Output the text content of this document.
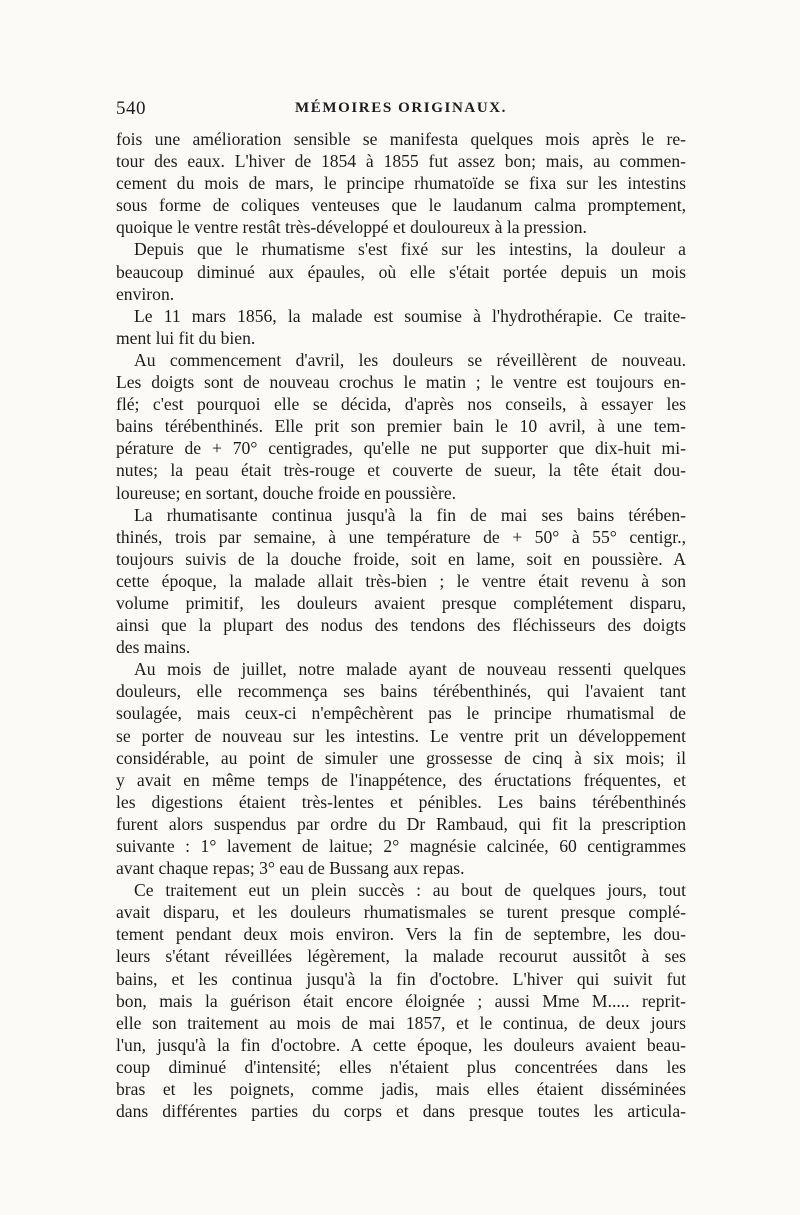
540	MÉMOIRES ORIGINAUX.
fois une amélioration sensible se manifesta quelques mois après le re-
tour des eaux. L'hiver de 1854 à 1855 fut assez bon; mais, au commen-
cement du mois de mars, le principe rhumatoïde se fixa sur les intestins
sous forme de coliques venteuses que le laudanum calma promptement,
quoique le ventre restât très-développé et douloureux à la pression.
Depuis que le rhumatisme s'est fixé sur les intestins, la douleur a
beaucoup diminué aux épaules, où elle s'était portée depuis un mois
environ.
Le 11 mars 1856, la malade est soumise à l'hydrothérapie. Ce traite-
ment lui fit du bien.
Au commencement d'avril, les douleurs se réveillèrent de nouveau.
Les doigts sont de nouveau crochus le matin ; le ventre est toujours en-
flé; c'est pourquoi elle se décida, d'après nos conseils, à essayer les
bains térébenthinés. Elle prit son premier bain le 10 avril, à une tem-
pérature de + 70° centigrades, qu'elle ne put supporter que dix-huit mi-
nutes; la peau était très-rouge et couverte de sueur, la tête était dou-
loureuse; en sortant, douche froide en poussière.
La rhumatisante continua jusqu'à la fin de mai ses bains térében-
thinés, trois par semaine, à une température de + 50° à 55° centigr.,
toujours suivis de la douche froide, soit en lame, soit en poussière. A
cette époque, la malade allait très-bien ; le ventre était revenu à son
volume primitif, les douleurs avaient presque complétement disparu,
ainsi que la plupart des nodus des tendons des fléchisseurs des doigts
des mains.
Au mois de juillet, notre malade ayant de nouveau ressenti quelques
douleurs, elle recommença ses bains térébenthinés, qui l'avaient tant
soulagée, mais ceux-ci n'empêchèrent pas le principe rhumatismal de
se porter de nouveau sur les intestins. Le ventre prit un développement
considérable, au point de simuler une grossesse de cinq à six mois; il
y avait en même temps de l'inappétence, des éructations fréquentes, et
les digestions étaient très-lentes et pénibles. Les bains térébenthinés
furent alors suspendus par ordre du Dr Rambaud, qui fit la prescription
suivante : 1° lavement de laitue; 2° magnésie calcinée, 60 centigrammes
avant chaque repas; 3° eau de Bussang aux repas.
Ce traitement eut un plein succès : au bout de quelques jours, tout
avait disparu, et les douleurs rhumatismales se turent presque complé-
tement pendant deux mois environ. Vers la fin de septembre, les dou-
leurs s'étant réveillées légèrement, la malade recourut aussitôt à ses
bains, et les continua jusqu'à la fin d'octobre. L'hiver qui suivit fut
bon, mais la guérison était encore éloignée ; aussi Mme M..... reprit-
elle son traitement au mois de mai 1857, et le continua, de deux jours
l'un, jusqu'à la fin d'octobre. A cette époque, les douleurs avaient beau-
coup diminué d'intensité; elles n'étaient plus concentrées dans les
bras et les poignets, comme jadis, mais elles étaient disséminées
dans différentes parties du corps et dans presque toutes les articula-
